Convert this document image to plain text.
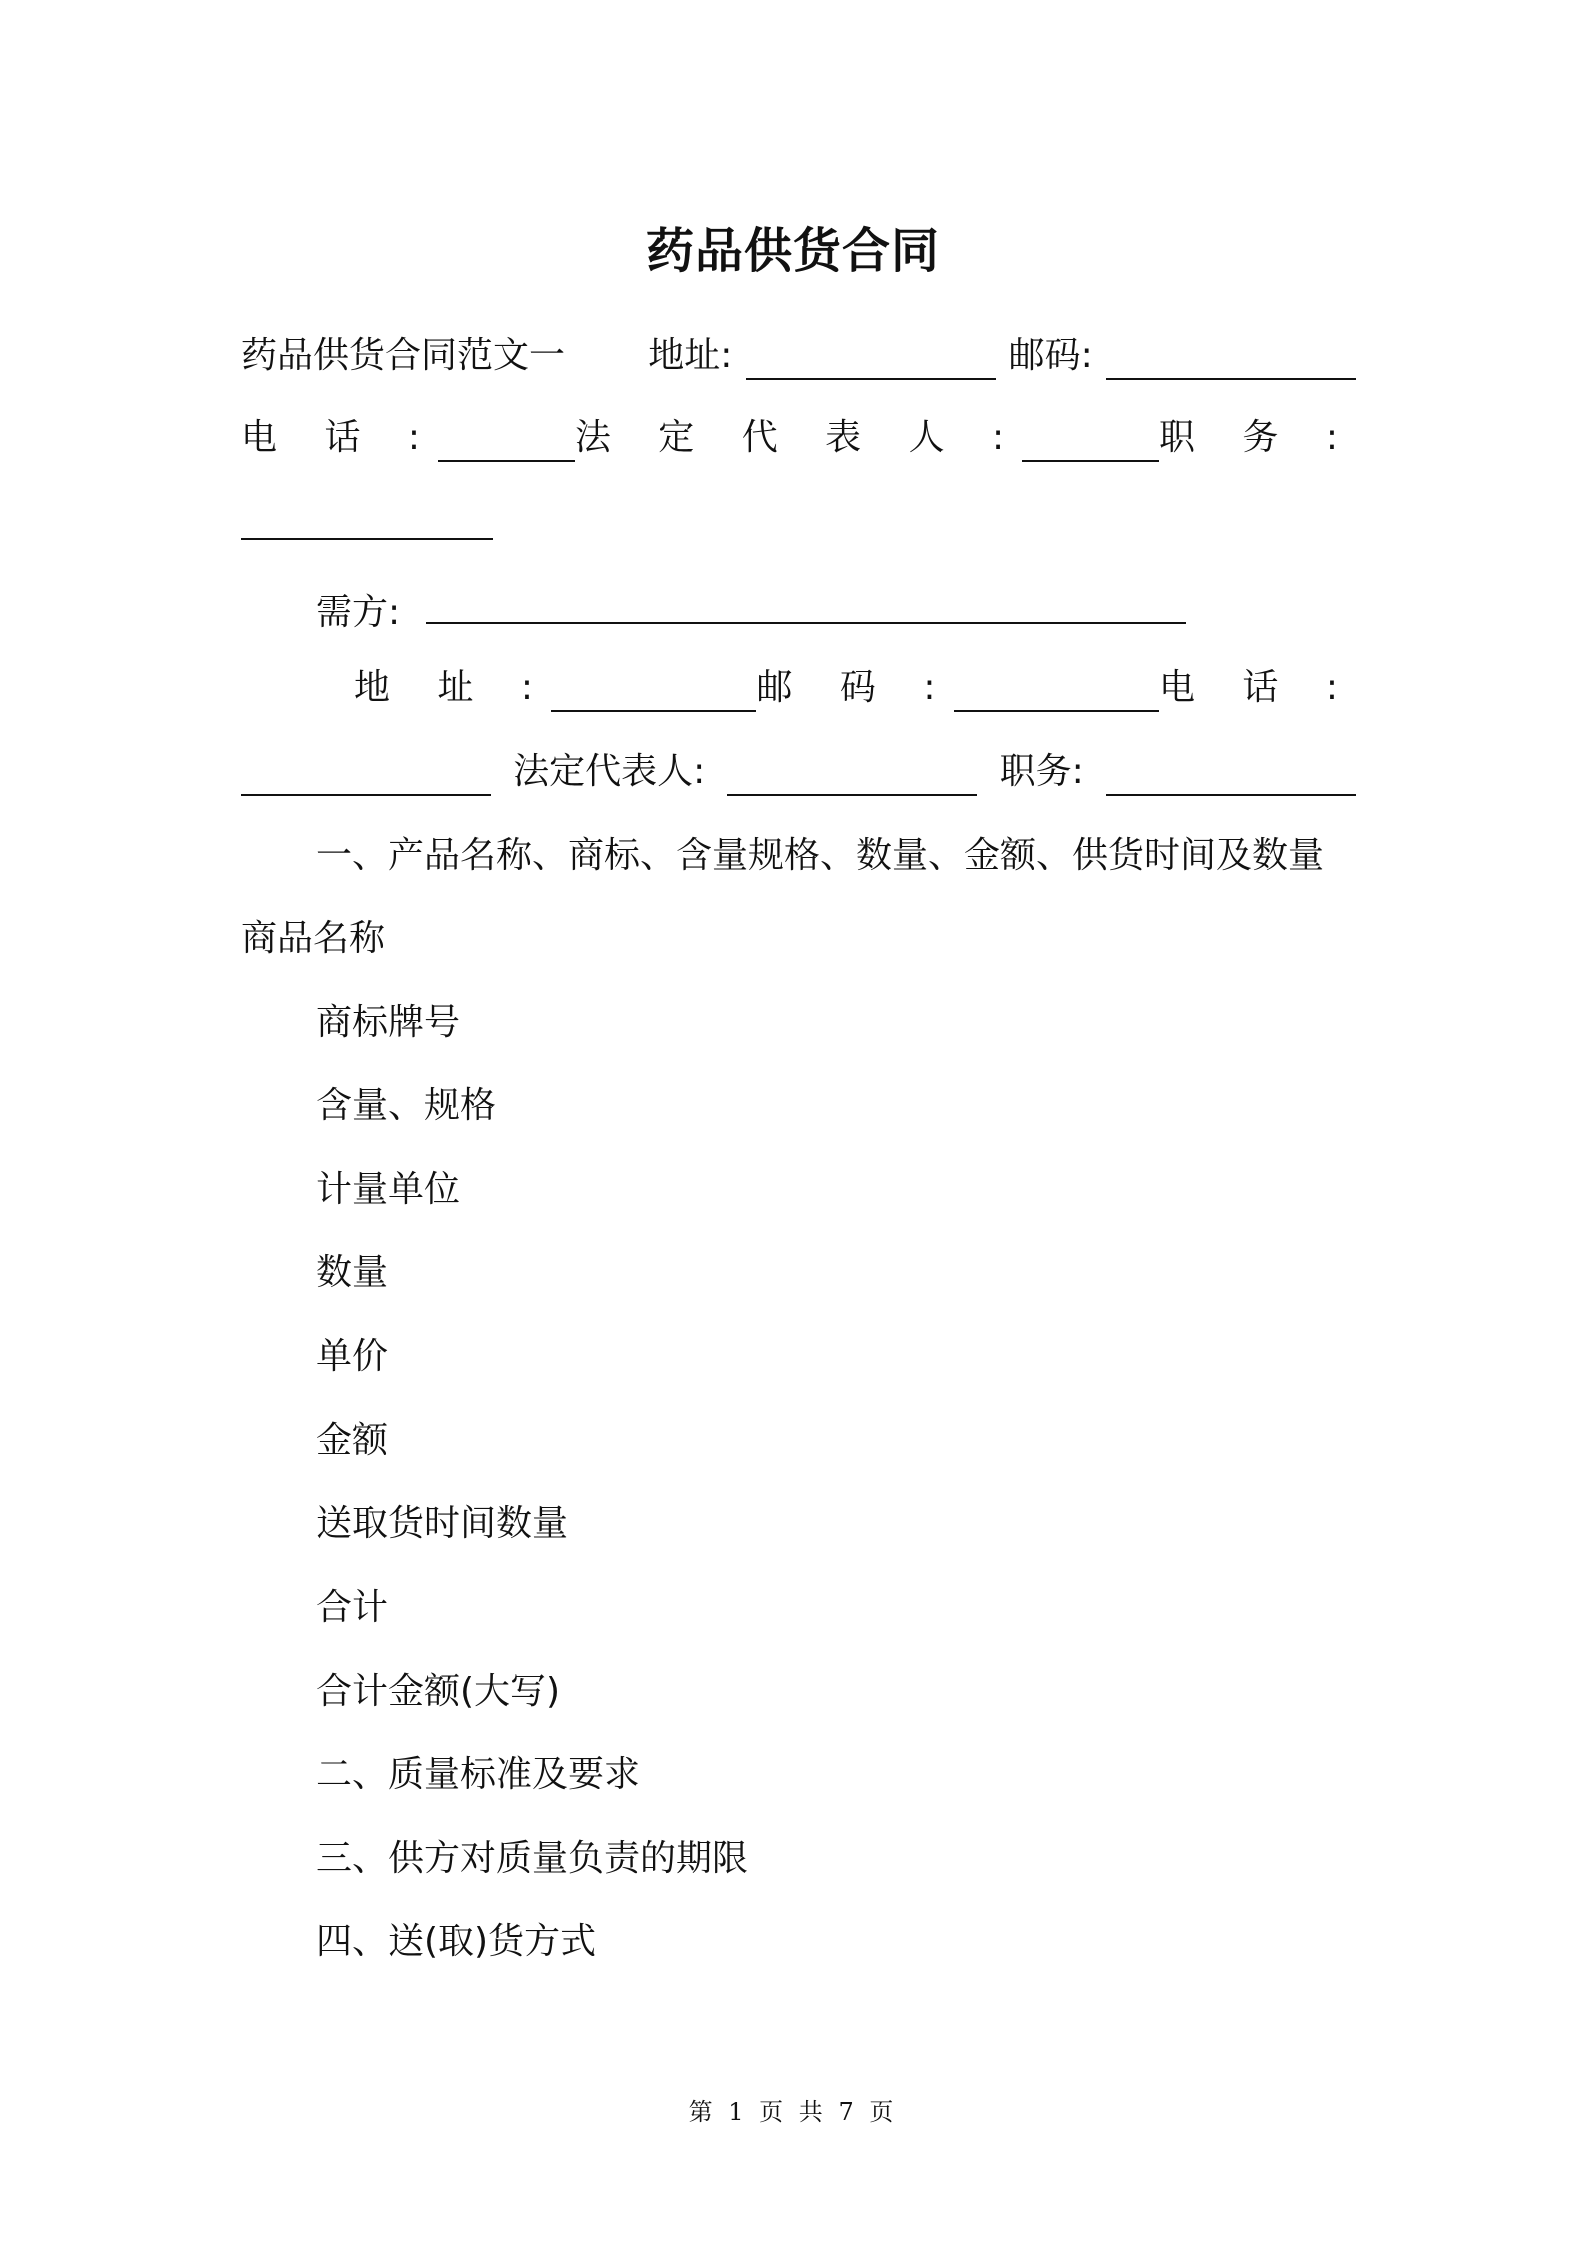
药品供货合同
药品供货合同范文一 地址:	邮码:
电 话 :	法 定 代 表 人 :	职 务 :
需方:
地 址 :	邮 码 :	电 话 :
法定代表人:	职务:
一、产品名称、商标、含量规格、数量、金额、供货时间及数量
商品名称
商标牌号
含量、规格
计量单位
数量
单价
金额
送取货时间数量
合计
合计金额(大写)
二、质量标准及要求
三、供方对质量负责的期限
四、送(取)货方式
第 1 页 共 7 页
